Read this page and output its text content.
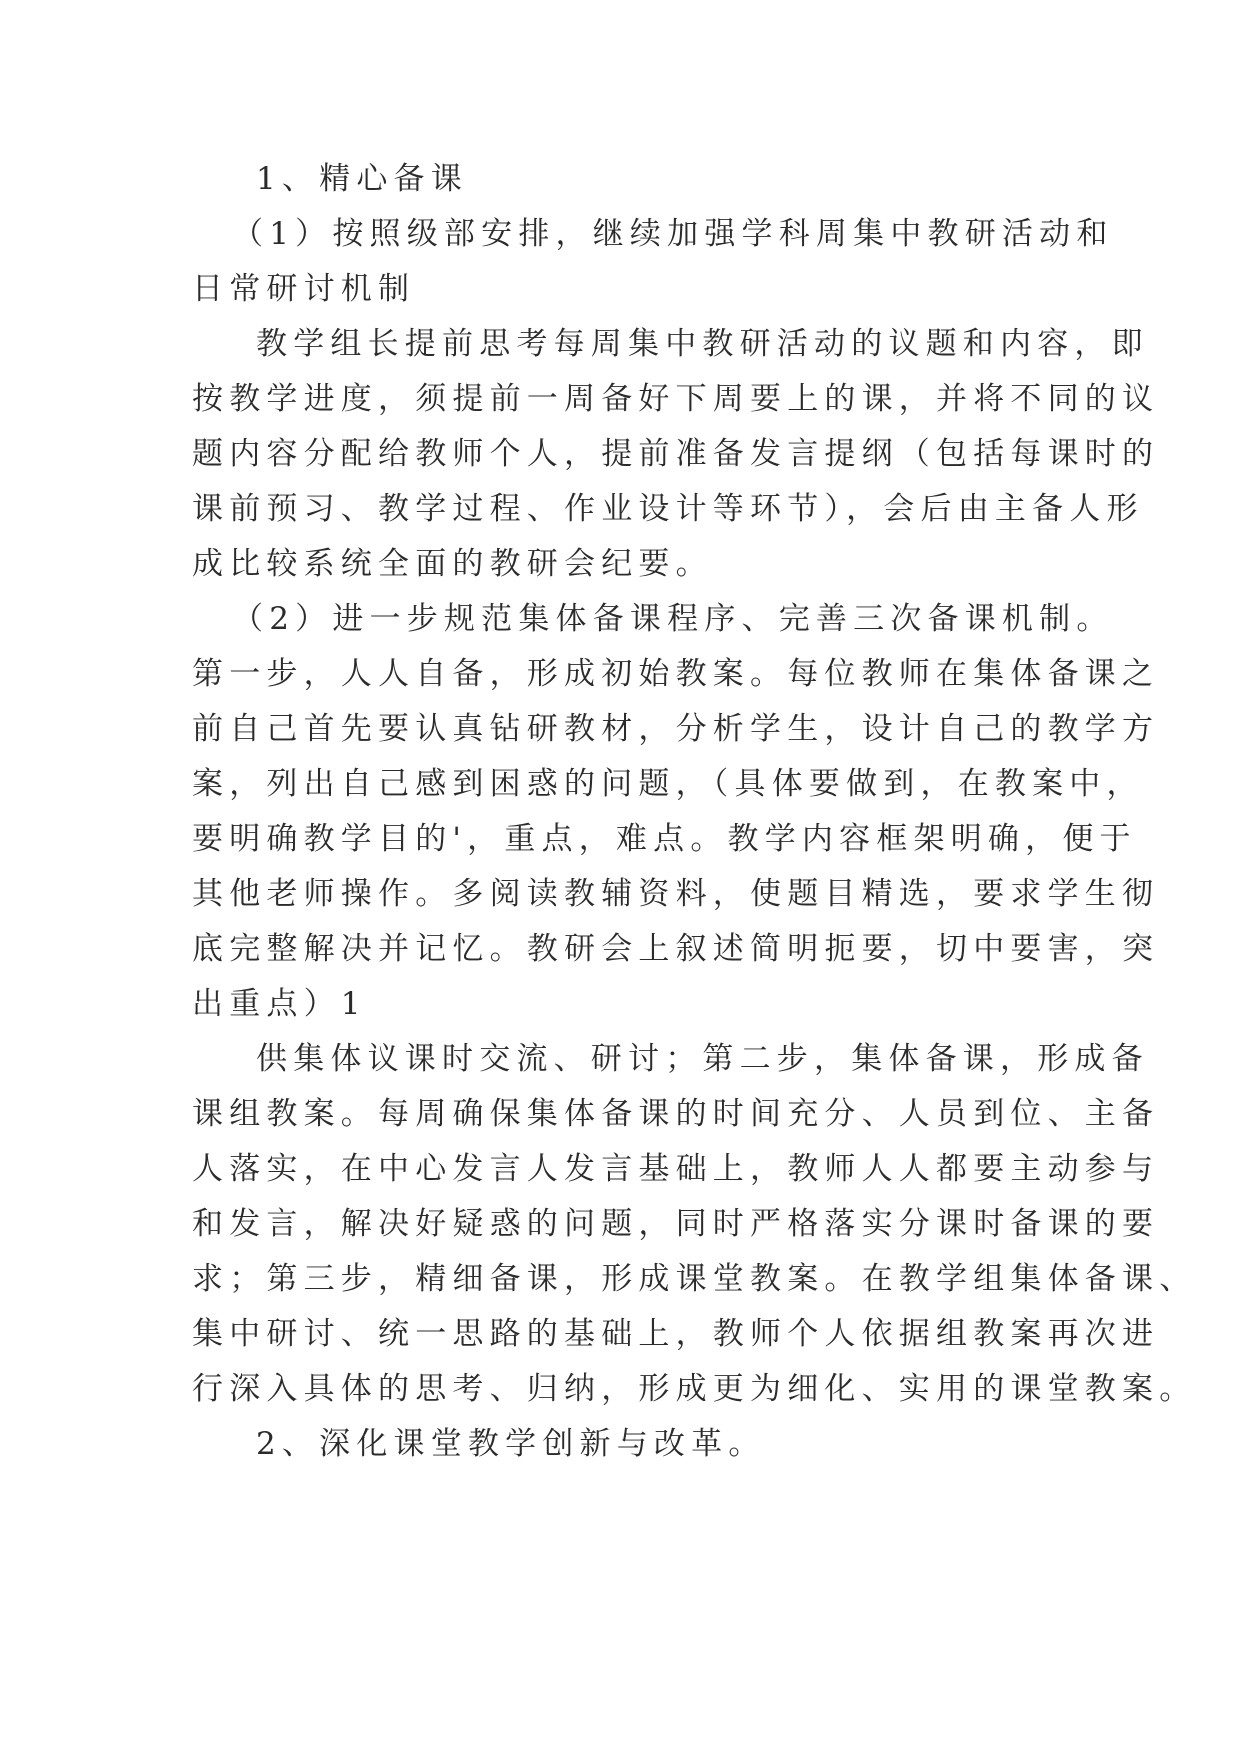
1、精心备课
（1）按照级部安排，继续加强学科周集中教研活动和
日常研讨机制
教学组长提前思考每周集中教研活动的议题和内容，即
按教学进度，须提前一周备好下周要上的课，并将不同的议
题内容分配给教师个人，提前准备发言提纲（包括每课时的
课前预习、教学过程、作业设计等环节），会后由主备人形
成比较系统全面的教研会纪要。
（2）进一步规范集体备课程序、完善三次备课机制。
第一步，人人自备，形成初始教案。每位教师在集体备课之
前自己首先要认真钻研教材，分析学生，设计自己的教学方
案，列出自己感到困惑的问题，（具体要做到，在教案中，
要明确教学目的'，重点，难点。教学内容框架明确，便于
其他老师操作。多阅读教辅资料，使题目精选，要求学生彻
底完整解决并记忆。教研会上叙述简明扼要，切中要害，突
出重点）1
供集体议课时交流、研讨；第二步，集体备课，形成备
课组教案。每周确保集体备课的时间充分、人员到位、主备
人落实，在中心发言人发言基础上，教师人人都要主动参与
和发言，解决好疑惑的问题，同时严格落实分课时备课的要
求；第三步，精细备课，形成课堂教案。在教学组集体备课、
集中研讨、统一思路的基础上，教师个人依据组教案再次进
行深入具体的思考、归纳，形成更为细化、实用的课堂教案。
2、深化课堂教学创新与改革。
